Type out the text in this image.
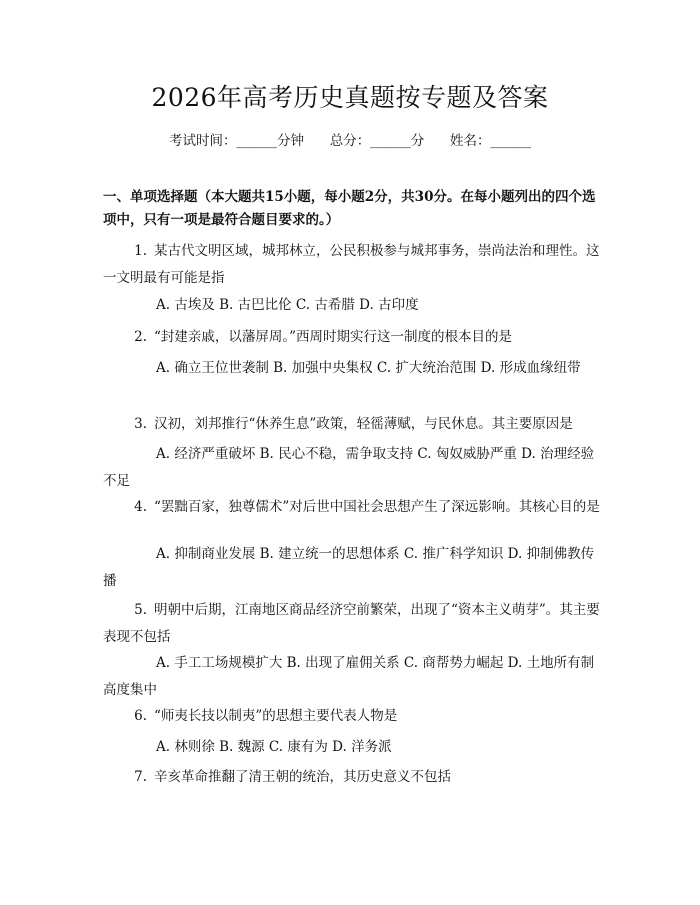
2026年高考历史真题按专题及答案
考试时间：______分钟      总分：______分      姓名：______
一、单项选择题（本大题共15小题，每小题2分，共30分。在每小题列出的四个选项中，只有一项是最符合题目要求的。）
1. 某古代文明区域，城邦林立，公民积极参与城邦事务，崇尚法治和理性。这一文明最有可能是指
A. 古埃及 B. 古巴比伦 C. 古希腊 D. 古印度
2. “封建亲戚，以藩屏周。”西周时期实行这一制度的根本目的是
A. 确立王位世袭制 B. 加强中央集权 C. 扩大统治范围 D. 形成血缘纽带
3. 汉初，刘邦推行“休养生息”政策，轻徭薄赋，与民休息。其主要原因是
A. 经济严重破坏 B. 民心不稳，需争取支持 C. 匈奴威胁严重 D. 治理经验不足
4. “罢黜百家，独尊儒术”对后世中国社会思想产生了深远影响。其核心目的是
A. 抑制商业发展 B. 建立统一的思想体系 C. 推广科学知识 D. 抑制佛教传播
5. 明朝中后期，江南地区商品经济空前繁荣，出现了“资本主义萌芽”。其主要表现不包括
A. 手工工场规模扩大 B. 出现了雇佣关系 C. 商帮势力崛起 D. 土地所有制高度集中
6. “师夷长技以制夷”的思想主要代表人物是
A. 林则徐 B. 魏源 C. 康有为 D. 洋务派
7. 辛亥革命推翻了清王朝的统治，其历史意义不包括
